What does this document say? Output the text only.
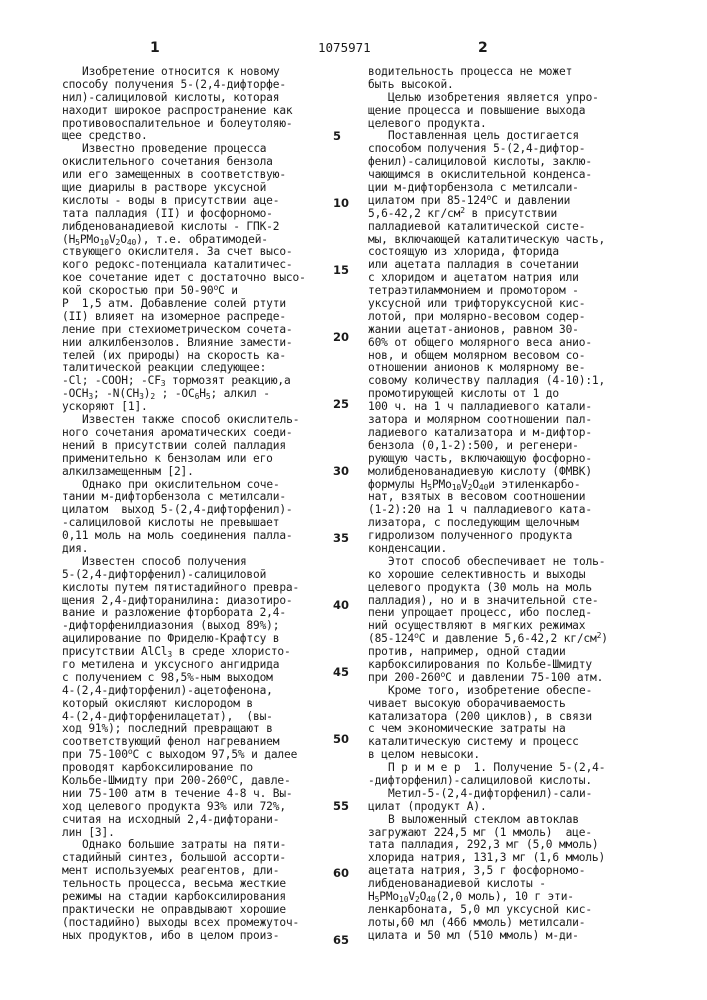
1	1075971	2
Изобретение относится к новому
способу получения 5-(2,4-дифторфе-
нил)-салициловой кислоты, которая
находит широкое распространение как
противовоспалительное и болеутоляю-
щее средство.
Известно проведение процесса
окислительного сочетания бензола
или его замещенных в соответствую-
щие диарилы в растворе уксусной
кислоты - воды в присутствии аце-
тата палладия (II) и фосфорномо-
либденованадиевой кислоты - ГПК-2
(H5PMo10V2O40), т.е. обратимодей-
ствующего окислителя. За счет высо-
кого редокс-потенциала каталитичес-
кое сочетание идет с достаточно высо-
кой скоростью при 50-90oС и
Р  1,5 атм. Добавление солей ртути
(II) влияет на изомерное распреде-
ление при стехиометрическом сочета-
нии алкилбензолов. Влияние замести-
телей (их природы) на скорость ка-
талитической реакции следующее:
-Cl; -COOH; -CF3 тормозят реакцию,а
-OCH3; -N(CH3)2 ; -OC6H5; алкил -
ускоряют [1].
Известен также способ окислитель-
ного сочетания ароматических соеди-
нений в присутствии солей палладия
применительно к бензолам или его
алкилзамещенным [2].
Однако при окислительном соче-
тании м-дифторбензола с метилсали-
цилатом  выход 5-(2,4-дифторфенил)-
-салициловой кислоты не превышает
0,11 моль на моль соединения палла-
дия.
Известен способ получения
5-(2,4-дифторфенил)-салициловой
кислоты путем пятистадийного превра-
щения 2,4-дифторанилина: диазотиро-
вание и разложение фторбората 2,4-
-дифторфенилдиазония (выход 89%);
ацилирование по Фриделю-Крафтсу в
присутствии AlCl3 в среде хлористо-
го метилена и уксусного ангидрида
с получением с 98,5%-ным выходом
4-(2,4-дифторфенил)-ацетофенона,
который окисляют кислородом в
4-(2,4-дифторфенилацетат),  (вы-
ход 91%); последний превращают в
соответствующий фенол нагреванием
при 75-100oС с выходом 97,5% и далее
проводят карбоксилирование по
Кольбе-Шмидту при 200-260oС, давле-
нии 75-100 атм в течение 4-8 ч. Вы-
ход целевого продукта 93% или 72%,
считая на исходный 2,4-дифторани-
лин [3].
Однако большие затраты на пяти-
стадийный синтез, большой ассорти-
мент используемых реагентов, дли-
тельность процесса, весьма жесткие
режимы на стадии карбоксилирования
практически не оправдывают хорошие
(постадийно) выходы всех промежуточ-
ных продуктов, ибо в целом произ-
водительность процесса не может
быть высокой.
Целью изобретения является упро-
щение процесса и повышение выхода
целевого продукта.
Поставленная цель достигается
способом получения 5-(2,4-дифтор-
фенил)-салициловой кислоты, заклю-
чающимся в окислительной конденса-
ции м-дифторбензола с метилсали-
цилатом при 85-124oС и давлении
5,6-42,2 кг/см2 в присутствии
палладиевой каталитической систе-
мы, включающей каталитическую часть,
состоящую из хлорида, фторида
или ацетата палладия в сочетании
с хлоридом и ацетатом натрия или
тетраэтиламмонием и промотором -
уксусной или трифторуксусной кис-
лотой, при молярно-весовом содер-
жании ацетат-анионов, равном 30-
60% от общего молярного веса анио-
нов, и общем молярном весовом со-
отношении анионов к молярному ве-
совому количеству палладия (4-10):1,
промотирующей кислоты от 1 до
100 ч. на 1 ч палладиевого катали-
затора и молярном соотношении пал-
ладиевого катализатора и м-дифтор-
бензола (0,1-2):500, и регенери-
рующую часть, включающую фосфорно-
молибденованадиевую кислоту (ФМВК)
формулы H5PMo10V2O40и этиленкарбо-
нат, взятых в весовом соотношении
(1-2):20 на 1 ч палладиевого ката-
лизатора, с последующим щелочным
гидролизом полученного продукта
конденсации.
Этот способ обеспечивает не толь-
ко хорошие селективность и выходы
целевого продукта (30 моль на моль
палладия), но и в значительной сте-
пени упрощает процесс, ибо послед-
ний осуществляют в мягких режимах
(85-124oС и давление 5,6-42,2 кг/см2)
против, например, одной стадии
карбоксилирования по Кольбе-Шмидту
при 200-260oС и давлении 75-100 атм.
Кроме того, изобретение обеспе-
чивает высокую оборачиваемость
катализатора (200 циклов), в связи
с чем экономические затраты на
каталитическую систему и процесс
в целом невысоки.
П р и м е р  1. Получение 5-(2,4-
-дифторфенил)-салициловой кислоты.
Метил-5-(2,4-дифторфенил)-сали-
цилат (продукт А).
В выложенный стеклом автоклав
загружают 224,5 мг (1 ммоль)  аце-
тата палладия, 292,3 мг (5,0 ммоль)
хлорида натрия, 131,3 мг (1,6 ммоль)
ацетата натрия, 3,5 г фосфорномо-
либденованадиевой кислоты -
H5PMo10V2O40(2,0 моль), 10 г эти-
ленкарбоната, 5,0 мл уксусной кис-
лоты,60 мл (466 ммоль) метилсали-
цилата и 50 мл (510 ммоль) м-ди-
5
10
15
20
25
30
35
40
45
50
55
60
65
